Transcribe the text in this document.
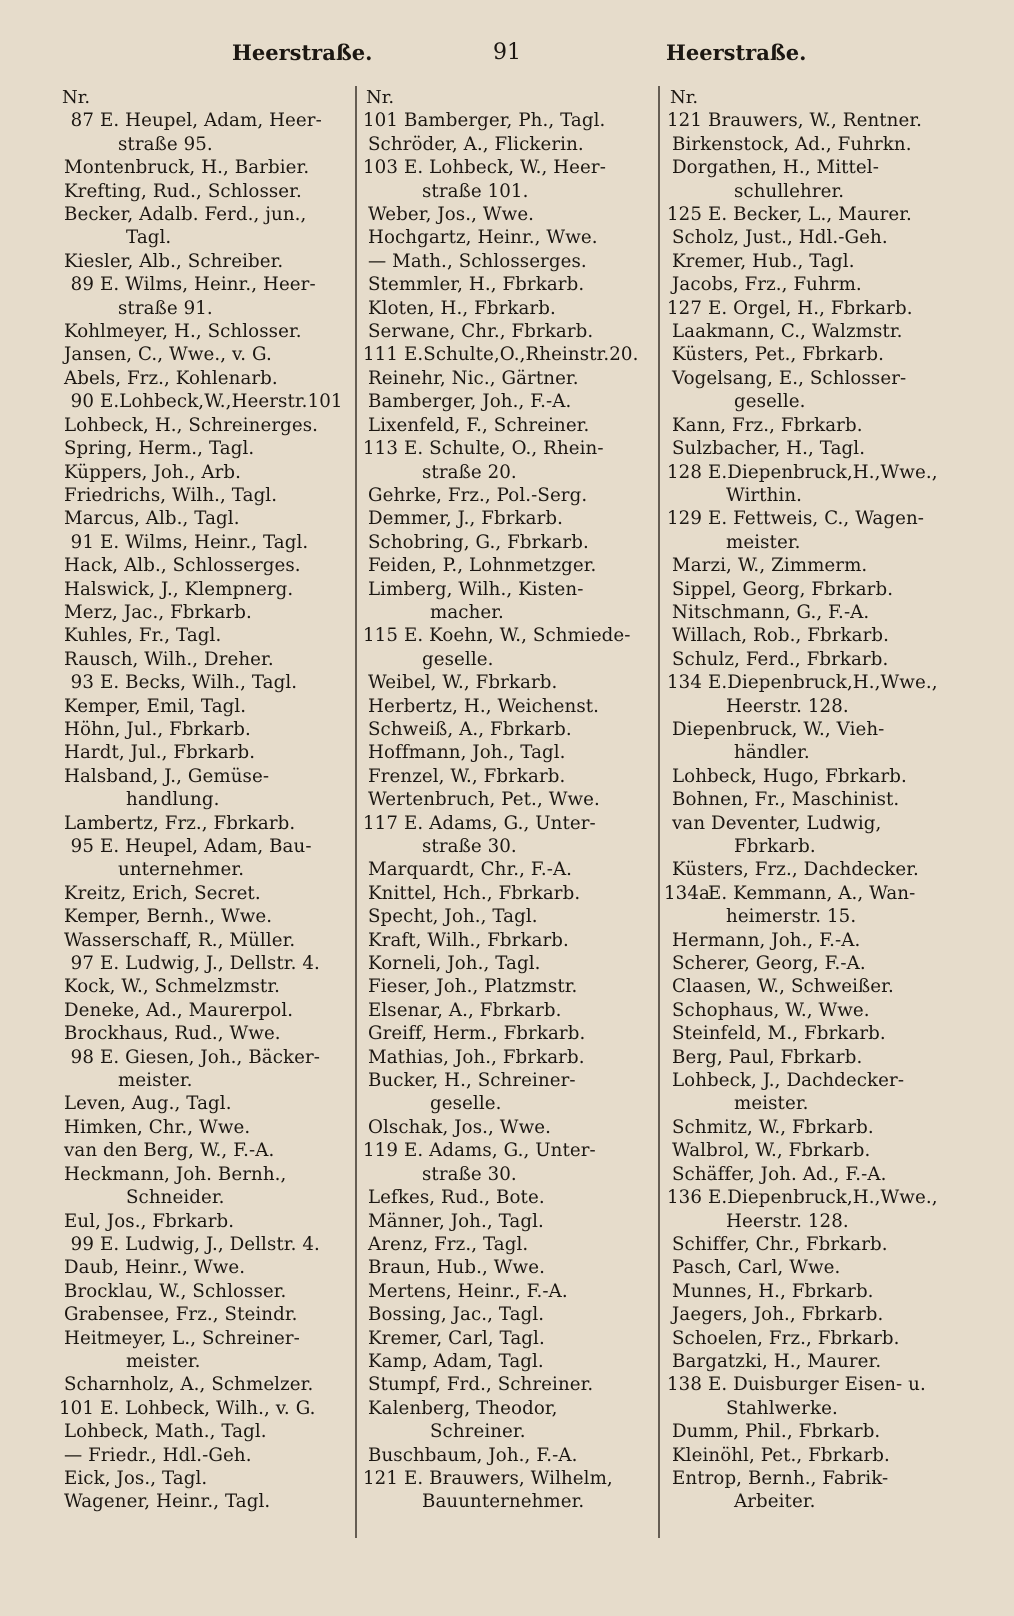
91
Heerstraße.	Heerstraße.
Nr.
87 E. Heupel, Adam, Heer-
straße 95.
Montenbruck, H., Barbier.
Krefting, Rud., Schlosser.
Becker, Adalb. Ferd., jun.,
Tagl.
Kiesler, Alb., Schreiber.
89 E. Wilms, Heinr., Heer-
straße 91.
Kohlmeyer, H., Schlosser.
Jansen, C., Wwe., v. G.
Abels, Frz., Kohlenarb.
90 E.Lohbeck,W.,Heerstr.101
Lohbeck, H., Schreinerges.
Spring, Herm., Tagl.
Küppers, Joh., Arb.
Friedrichs, Wilh., Tagl.
Marcus, Alb., Tagl.
91 E. Wilms, Heinr., Tagl.
Hack, Alb., Schlosserges.
Halswick, J., Klempnerg.
Merz, Jac., Fbrkarb.
Kuhles, Fr., Tagl.
Rausch, Wilh., Dreher.
93 E. Becks, Wilh., Tagl.
Kemper, Emil, Tagl.
Höhn, Jul., Fbrkarb.
Hardt, Jul., Fbrkarb.
Halsband, J., Gemüse-
handlung.
Lambertz, Frz., Fbrkarb.
95 E. Heupel, Adam, Bau-
unternehmer.
Kreitz, Erich, Secret.
Kemper, Bernh., Wwe.
Wasserschaff, R., Müller.
97 E. Ludwig, J., Dellstr. 4.
Kock, W., Schmelzmstr.
Deneke, Ad., Maurerpol.
Brockhaus, Rud., Wwe.
98 E. Giesen, Joh., Bäcker-
meister.
Leven, Aug., Tagl.
Himken, Chr., Wwe.
van den Berg, W., F.-A.
Heckmann, Joh. Bernh.,
Schneider.
Eul, Jos., Fbrkarb.
99 E. Ludwig, J., Dellstr. 4.
Daub, Heinr., Wwe.
Brocklau, W., Schlosser.
Grabensee, Frz., Steindr.
Heitmeyer, L., Schreiner-
meister.
Scharnholz, A., Schmelzer.
101 E. Lohbeck, Wilh., v. G.
Lohbeck, Math., Tagl.
— Friedr., Hdl.-Geh.
Eick, Jos., Tagl.
Wagener, Heinr., Tagl.
Nr.
101 Bamberger, Ph., Tagl.
Schröder, A., Flickerin.
103 E. Lohbeck, W., Heer-
straße 101.
Weber, Jos., Wwe.
Hochgartz, Heinr., Wwe.
— Math., Schlosserges.
Stemmler, H., Fbrkarb.
Kloten, H., Fbrkarb.
Serwane, Chr., Fbrkarb.
111 E.Schulte,O.,Rheinstr.20.
Reinehr, Nic., Gärtner.
Bamberger, Joh., F.-A.
Lixenfeld, F., Schreiner.
113 E. Schulte, O., Rhein-
straße 20.
Gehrke, Frz., Pol.-Serg.
Demmer, J., Fbrkarb.
Schobring, G., Fbrkarb.
Feiden, P., Lohnmetzger.
Limberg, Wilh., Kisten-
macher.
115 E. Koehn, W., Schmiede-
geselle.
Weibel, W., Fbrkarb.
Herbertz, H., Weichenst.
Schweiß, A., Fbrkarb.
Hoffmann, Joh., Tagl.
Frenzel, W., Fbrkarb.
Wertenbruch, Pet., Wwe.
117 E. Adams, G., Unter-
straße 30.
Marquardt, Chr., F.-A.
Knittel, Hch., Fbrkarb.
Specht, Joh., Tagl.
Kraft, Wilh., Fbrkarb.
Korneli, Joh., Tagl.
Fieser, Joh., Platzmstr.
Elsenar, A., Fbrkarb.
Greiff, Herm., Fbrkarb.
Mathias, Joh., Fbrkarb.
Bucker, H., Schreiner-
geselle.
Olschak, Jos., Wwe.
119 E. Adams, G., Unter-
straße 30.
Lefkes, Rud., Bote.
Männer, Joh., Tagl.
Arenz, Frz., Tagl.
Braun, Hub., Wwe.
Mertens, Heinr., F.-A.
Bossing, Jac., Tagl.
Kremer, Carl, Tagl.
Kamp, Adam, Tagl.
Stumpf, Frd., Schreiner.
Kalenberg, Theodor,
Schreiner.
Buschbaum, Joh., F.-A.
121 E. Brauwers, Wilhelm,
Bauunternehmer.
Nr.
121 Brauwers, W., Rentner.
Birkenstock, Ad., Fuhrkn.
Dorgathen, H., Mittel-
schullehrer.
125 E. Becker, L., Maurer.
Scholz, Just., Hdl.-Geh.
Kremer, Hub., Tagl.
Jacobs, Frz., Fuhrm.
127 E. Orgel, H., Fbrkarb.
Laakmann, C., Walzmstr.
Küsters, Pet., Fbrkarb.
Vogelsang, E., Schlosser-
geselle.
Kann, Frz., Fbrkarb.
Sulzbacher, H., Tagl.
128 E.Diepenbruck,H.,Wwe.,
Wirthin.
129 E. Fettweis, C., Wagen-
meister.
Marzi, W., Zimmerm.
Sippel, Georg, Fbrkarb.
Nitschmann, G., F.-A.
Willach, Rob., Fbrkarb.
Schulz, Ferd., Fbrkarb.
134 E.Diepenbruck,H.,Wwe.,
Heerstr. 128.
Diepenbruck, W., Vieh-
händler.
Lohbeck, Hugo, Fbrkarb.
Bohnen, Fr., Maschinist.
van Deventer, Ludwig,
Fbrkarb.
Küsters, Frz., Dachdecker.
134aE. Kemmann, A., Wan-
heimerstr. 15.
Hermann, Joh., F.-A.
Scherer, Georg, F.-A.
Claasen, W., Schweißer.
Schophaus, W., Wwe.
Steinfeld, M., Fbrkarb.
Berg, Paul, Fbrkarb.
Lohbeck, J., Dachdecker-
meister.
Schmitz, W., Fbrkarb.
Walbrol, W., Fbrkarb.
Schäffer, Joh. Ad., F.-A.
136 E.Diepenbruck,H.,Wwe.,
Heerstr. 128.
Schiffer, Chr., Fbrkarb.
Pasch, Carl, Wwe.
Munnes, H., Fbrkarb.
Jaegers, Joh., Fbrkarb.
Schoelen, Frz., Fbrkarb.
Bargatzki, H., Maurer.
138 E. Duisburger Eisen- u.
Stahlwerke.
Dumm, Phil., Fbrkarb.
Kleinöhl, Pet., Fbrkarb.
Entrop, Bernh., Fabrik-
Arbeiter.
